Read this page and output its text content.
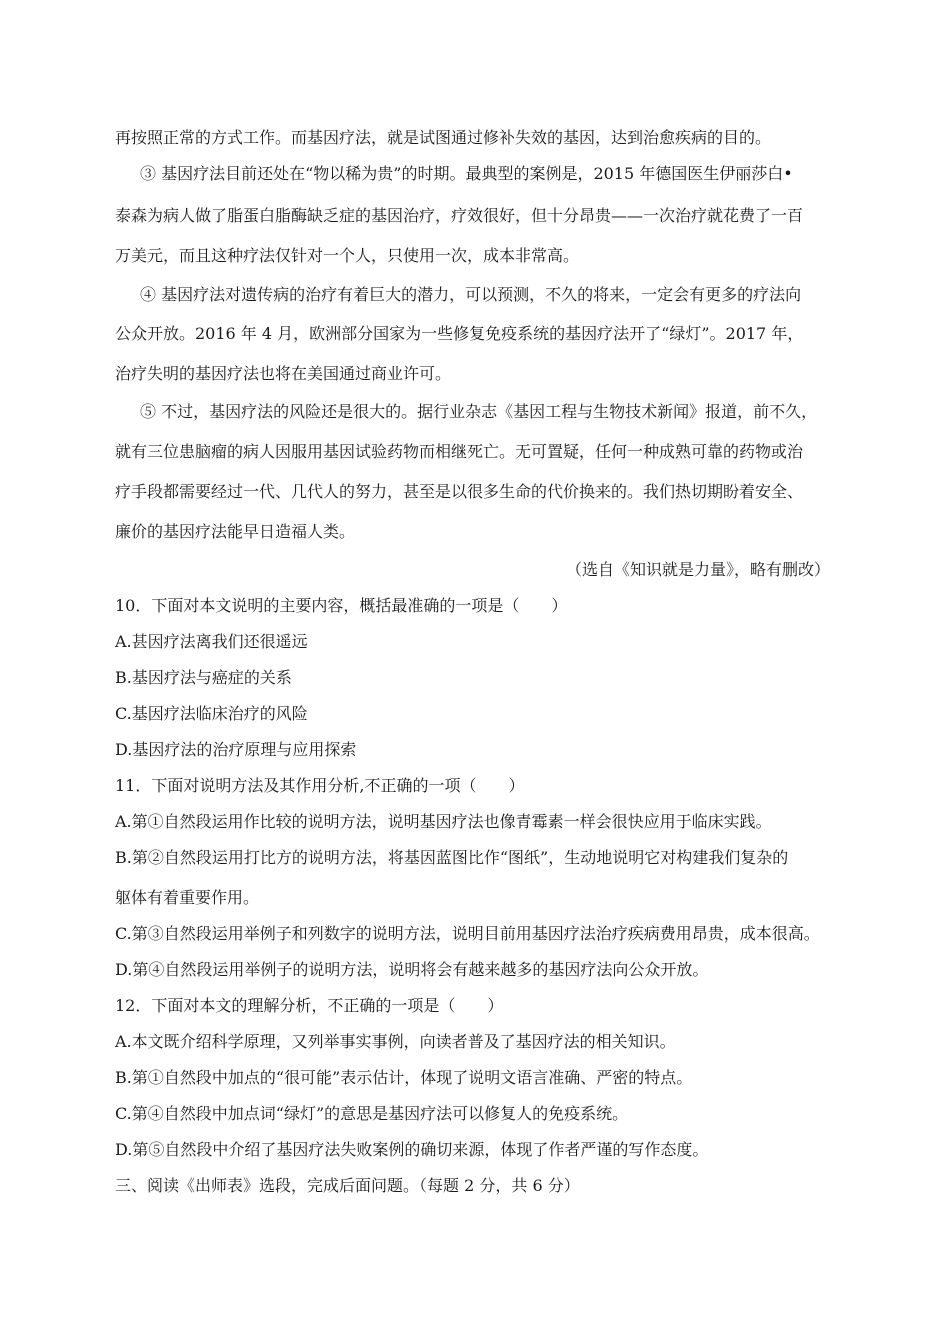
再按照正常的方式工作。而基因疗法，就是试图通过修补失效的基因，达到治愈疾病的目的。
③ 基因疗法目前还处在“物以稀为贵”的时期。最典型的案例是，2015 年德国医生伊丽莎白•
泰森为病人做了脂蛋白脂酶缺乏症的基因治疗，疗效很好，但十分昂贵——一次治疗就花费了一百
万美元，而且这种疗法仅针对一个人，只使用一次，成本非常高。
④ 基因疗法对遗传病的治疗有着巨大的潜力，可以预测，不久的将来，一定会有更多的疗法向
公众开放。2016 年 4 月，欧洲部分国家为一些修复免疫系统的基因疗法开了“绿灯”。2017 年，
治疗失明的基因疗法也将在美国通过商业许可。
⑤ 不过，基因疗法的风险还是很大的。据行业杂志《基因工程与生物技术新闻》报道，前不久，
就有三位患脑瘤的病人因服用基因试验药物而相继死亡。无可置疑，任何一种成熟可靠的药物或治
疗手段都需要经过一代、几代人的努力，甚至是以很多生命的代价换来的。我们热切期盼着安全、
廉价的基因疗法能早日造福人类。
（选自《知识就是力量》，略有删改）
10．下面对本文说明的主要内容，概括最准确的一项是（　　）
A.甚因疗法离我们还很遥远
B.基因疗法与癌症的关系
C.基因疗法临床治疗的风险
D.基因疗法的治疗原理与应用探索
11．下面对说明方法及其作用分析,不正确的一项（　　）
A.第①自然段运用作比较的说明方法，说明基因疗法也像青霉素一样会很快应用于临床实践。
B.第②自然段运用打比方的说明方法，将基因蓝图比作“图纸”，生动地说明它对构建我们复杂的
躯体有着重要作用。
C.第③自然段运用举例子和列数字的说明方法，说明目前用基因疗法治疗疾病费用昂贵，成本很高。
D.第④自然段运用举例子的说明方法，说明将会有越来越多的基因疗法向公众开放。
12．下面对本文的理解分析，不正确的一项是（　　）
A.本文既介绍科学原理，又列举事实事例，向读者普及了基因疗法的相关知识。
B.第①自然段中加点的“很可能”表示估计，体现了说明文语言准确、严密的特点。
C.第④自然段中加点词“绿灯”的意思是基因疗法可以修复人的免疫系统。
D.第⑤自然段中介绍了基因疗法失败案例的确切来源，体现了作者严谨的写作态度。
三、阅读《出师表》选段，完成后面问题。（每题 2 分，共 6 分）
